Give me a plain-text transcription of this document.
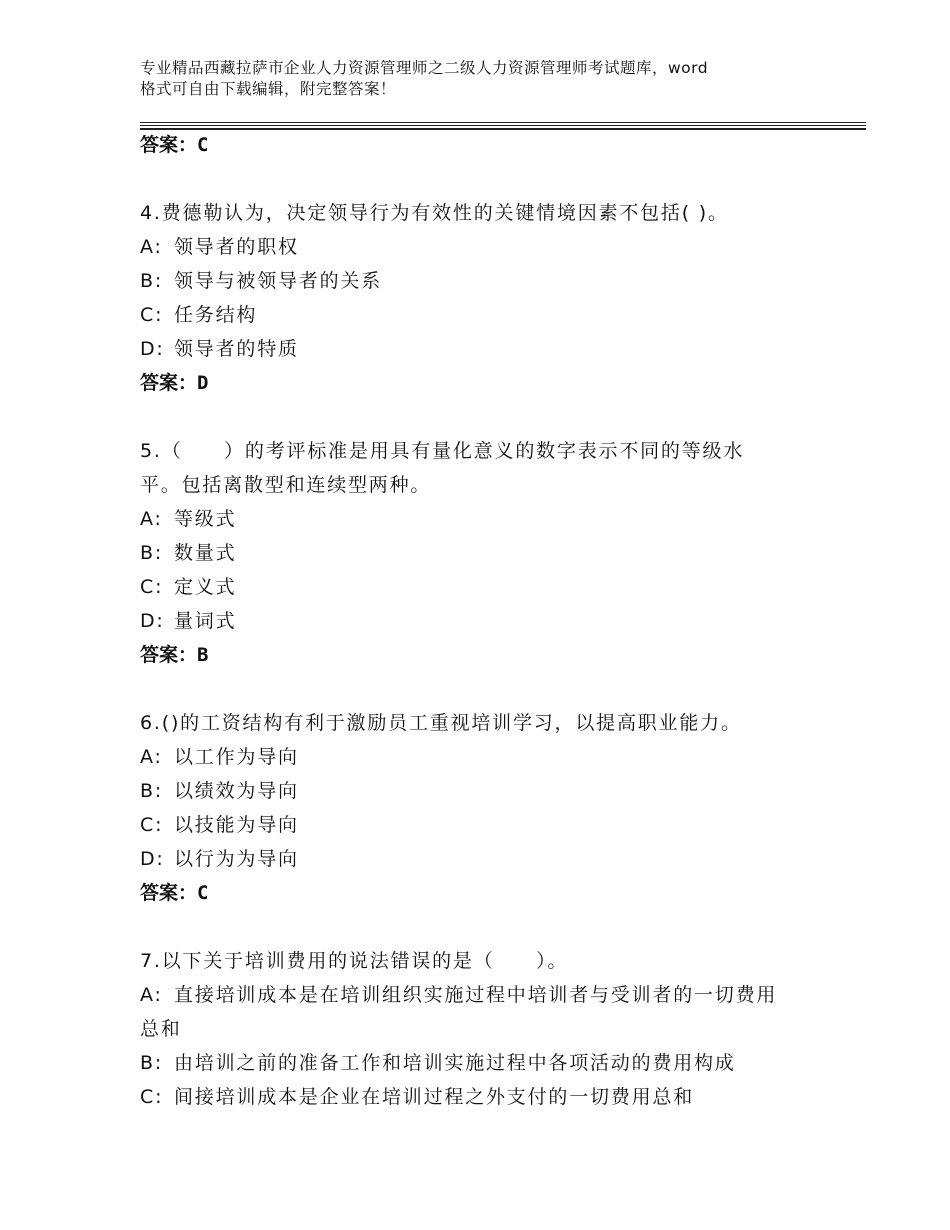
专业精品西藏拉萨市企业人力资源管理师之二级人力资源管理师考试题库，word
格式可自由下载编辑，附完整答案！
答案：C
4.费德勒认为，决定领导行为有效性的关键情境因素不包括( )。
A: 领导者的职权
B: 领导与被领导者的关系
C: 任务结构
D: 领导者的特质
答案：D
5.（　　）的考评标准是用具有量化意义的数字表示不同的等级水
平。包括离散型和连续型两种。
A: 等级式
B: 数量式
C: 定义式
D: 量词式
答案：B
6.()的工资结构有利于激励员工重视培训学习，以提高职业能力。
A: 以工作为导向
B: 以绩效为导向
C: 以技能为导向
D: 以行为为导向
答案：C
7.以下关于培训费用的说法错误的是（　　）。
A: 直接培训成本是在培训组织实施过程中培训者与受训者的一切费用
总和
B: 由培训之前的准备工作和培训实施过程中各项活动的费用构成
C: 间接培训成本是企业在培训过程之外支付的一切费用总和
